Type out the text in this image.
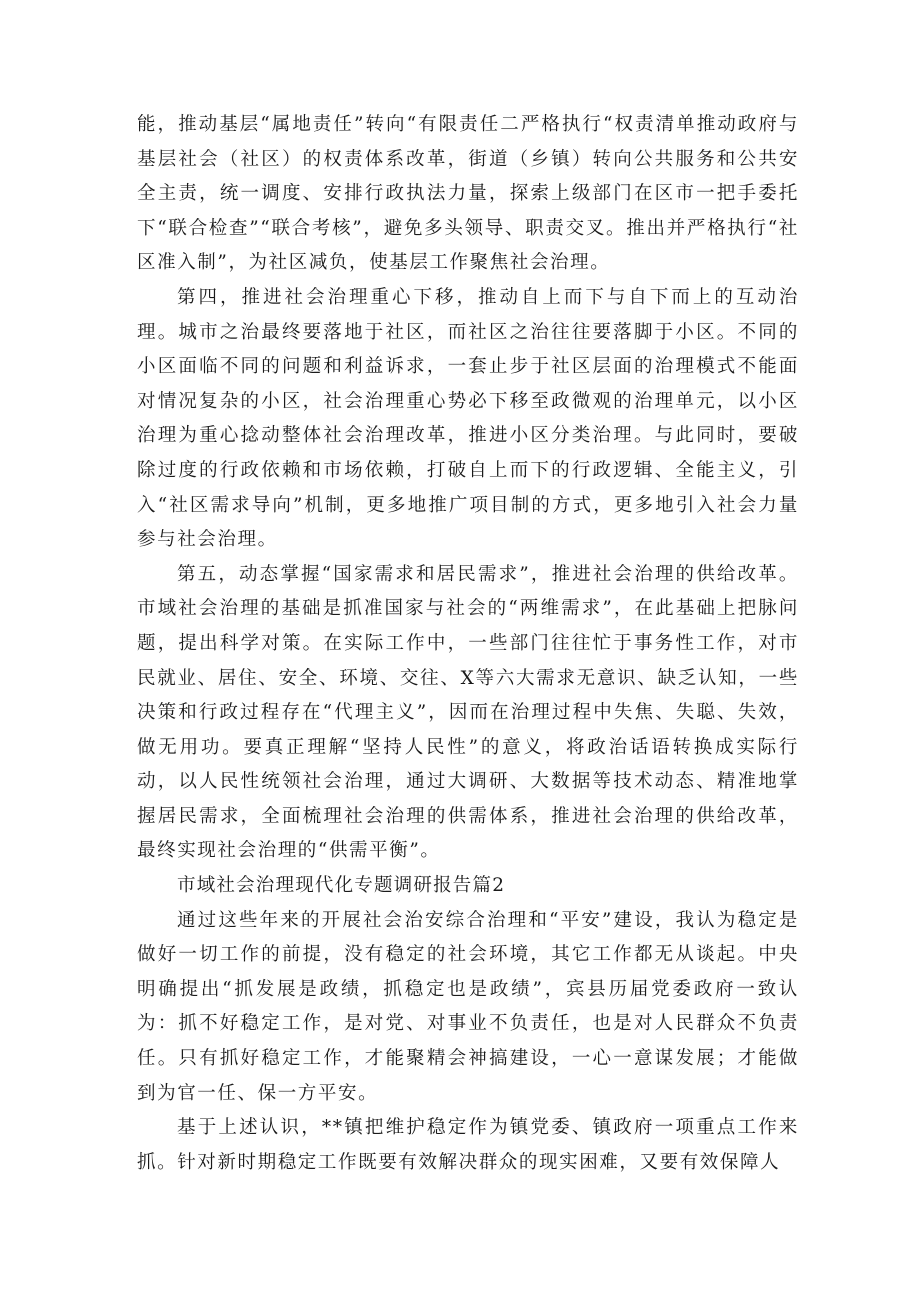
能，推动基层“属地责任”转向“有限责任二严格执行“权责清单推动政府与基层社会（社区）的权责体系改革，街道（乡镇）转向公共服务和公共安全主责，统一调度、安排行政执法力量，探索上级部门在区市一把手委托下“联合检查”“联合考核”，避免多头领导、职责交叉。推出并严格执行“社区准入制”，为社区减负，使基层工作聚焦社会治理。

第四，推进社会治理重心下移，推动自上而下与自下而上的互动治理。城市之治最终要落地于社区，而社区之治往往要落脚于小区。不同的小区面临不同的问题和利益诉求，一套止步于社区层面的治理模式不能面对情况复杂的小区，社会治理重心势必下移至政微观的治理单元，以小区治理为重心捻动整体社会治理改革，推进小区分类治理。与此同时，要破除过度的行政依赖和市场依赖，打破自上而下的行政逻辑、全能主义，引入“社区需求导向”机制，更多地推广项目制的方式，更多地引入社会力量参与社会治理。

第五，动态掌握“国家需求和居民需求”，推进社会治理的供给改革。市域社会治理的基础是抓准国家与社会的“两维需求”，在此基础上把脉问题，提出科学对策。在实际工作中，一些部门往往忙于事务性工作，对市民就业、居住、安全、环境、交往、X等六大需求无意识、缺乏认知，一些决策和行政过程存在“代理主义”，因而在治理过程中失焦、失聪、失效，做无用功。要真正理解“坚持人民性”的意义，将政治话语转换成实际行动，以人民性统领社会治理，通过大调研、大数据等技术动态、精准地掌握居民需求，全面梳理社会治理的供需体系，推进社会治理的供给改革，最终实现社会治理的“供需平衡”。

市域社会治理现代化专题调研报告篇2

通过这些年来的开展社会治安综合治理和“平安”建设，我认为稳定是做好一切工作的前提，没有稳定的社会环境，其它工作都无从谈起。中央明确提出“抓发展是政绩，抓稳定也是政绩”，宾县历届党委政府一致认为：抓不好稳定工作，是对党、对事业不负责任，也是对人民群众不负责任。只有抓好稳定工作，才能聚精会神搞建设，一心一意谋发展；才能做到为官一任、保一方平安。

基于上述认识，**镇把维护稳定作为镇党委、镇政府一项重点工作来抓。针对新时期稳定工作既要有效解决群众的现实困难，又要有效保障人
